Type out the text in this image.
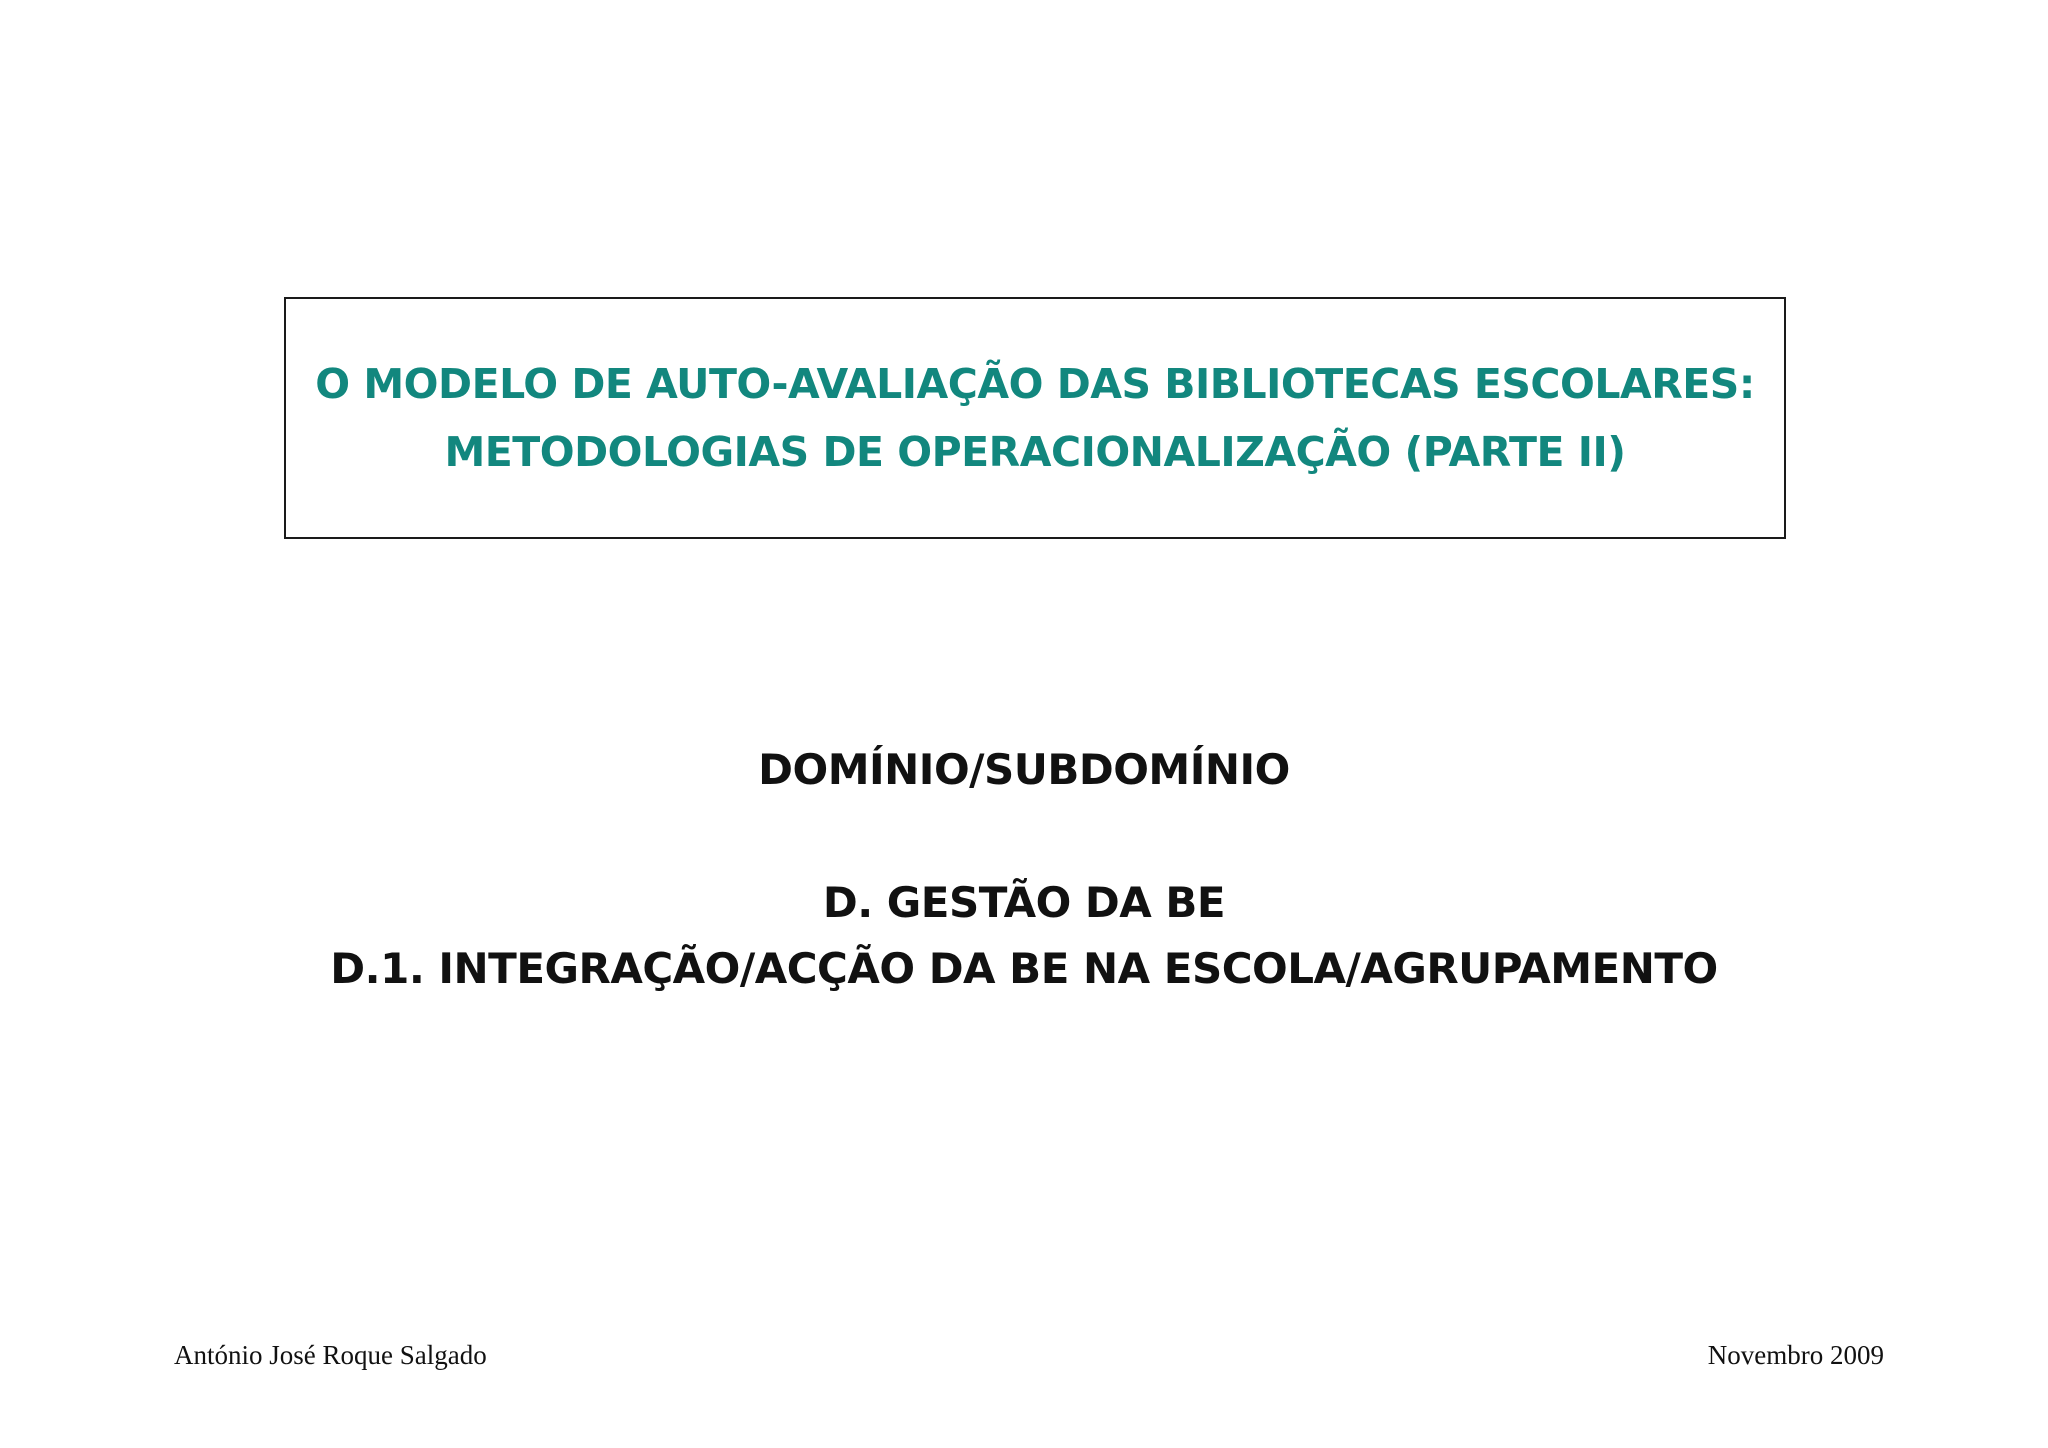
O MODELO DE AUTO-AVALIAÇÃO DAS BIBLIOTECAS ESCOLARES:
METODOLOGIAS DE OPERACIONALIZAÇÃO (PARTE II)
DOMÍNIO/SUBDOMÍNIO
D. GESTÃO DA BE
D.1. INTEGRAÇÃO/ACÇÃO DA BE NA ESCOLA/AGRUPAMENTO
António José Roque Salgado	Novembro 2009
